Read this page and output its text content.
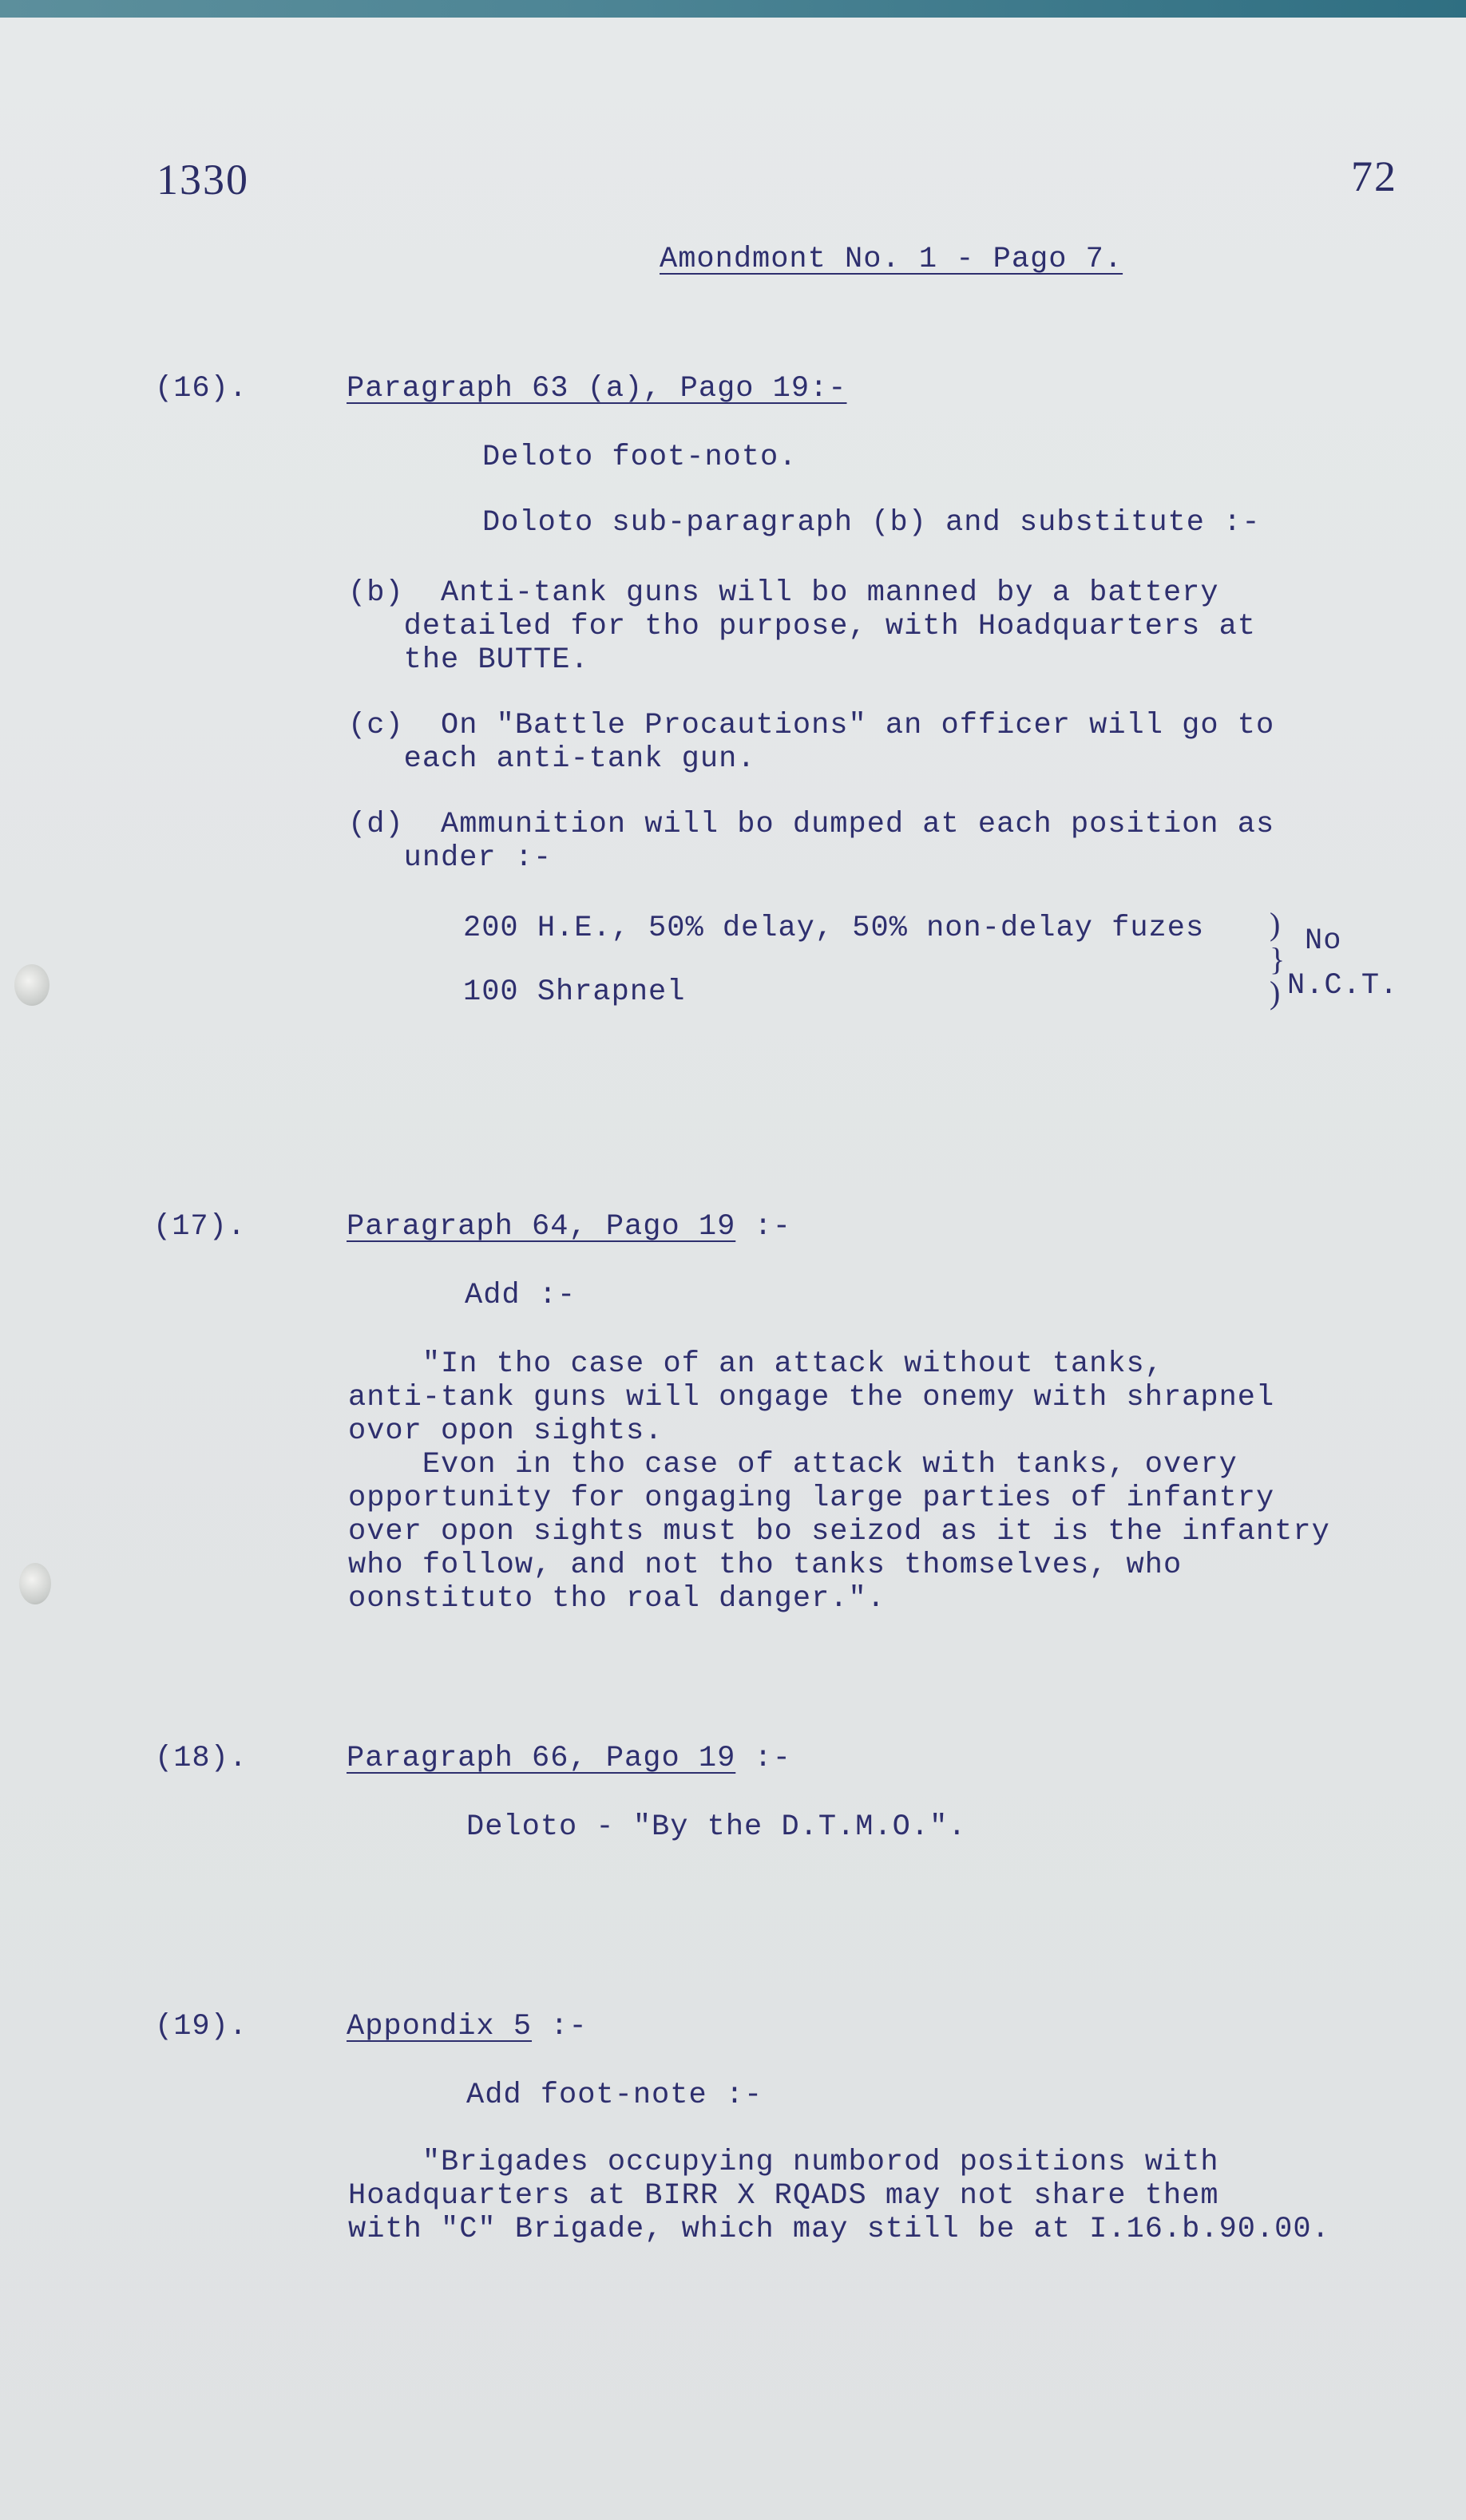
1330	72
Amondmont No. 1 - Pago 7.
(16).	Paragraph 63 (a), Pago 19:-
Deloto foot-noto.
Doloto sub-paragraph (b) and substitute :-
(b)  Anti-tank guns will bo manned by a battery
detailed for tho purpose, with Hoadquarters at
the BUTTE.
(c)  On "Battle Procautions" an officer will go to
each anti-tank gun.
(d)  Ammunition will bo dumped at each position as
under :-
200 H.E., 50% delay, 50% non-delay fuzes
100 Shrapnel
)
}
)
No
N.C.T.
(17).	Paragraph 64, Pago 19 :-
Add :-
"In tho case of an attack without tanks,
anti-tank guns will ongage the onemy with shrapnel
ovor opon sights.
Evon in tho case of attack with tanks, overy
opportunity for ongaging large parties of infantry
over opon sights must bo seizod as it is the infantry
who follow, and not tho tanks thomselves, who
oonstituto tho roal danger.".
(18).	Paragraph 66, Pago 19 :-
Deloto - "By the D.T.M.O.".
(19).	Appondix 5 :-
Add foot-note :-
"Brigades occupying numborod positions with
Hoadquarters at BIRR X RQADS may not share them
with "C" Brigade, which may still be at I.16.b.90.00.
